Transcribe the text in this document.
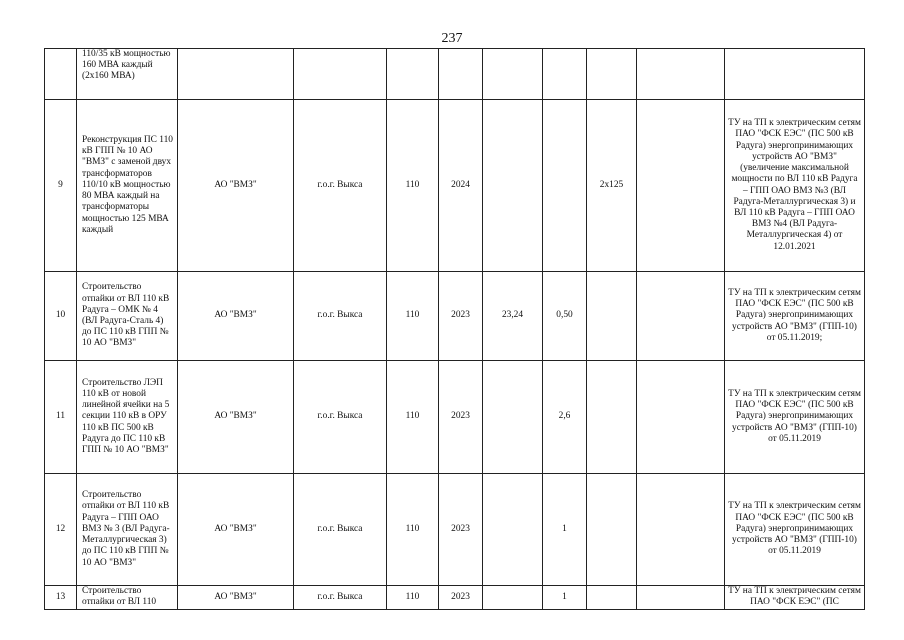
237
	110/35 кВ мощностью 160 МВА каждый (2х160 МВА)									
9	Реконструкция ПС 110 кВ ГПП № 10 АО "ВМЗ" с заменой двух трансформаторов 110/10 кВ мощностью 80 МВА каждый на трансформаторы мощностью 125 МВА каждый	АО "ВМЗ"	г.о.г. Выкса	110	2024			2х125		ТУ на ТП к электрическим сетям ПАО "ФСК ЕЭС" (ПС 500 кВ Радуга) энергопринимающих устройств АО "ВМЗ" (увеличение максимальной мощности по ВЛ 110 кВ Радуга – ГПП ОАО ВМЗ №3 (ВЛ Радуга-Металлургическая 3) и ВЛ 110 кВ Радуга – ГПП ОАО ВМЗ №4 (ВЛ Радуга-Металлургическая 4) от 12.01.2021
10	Строительство отпайки от ВЛ 110 кВ Радуга – ОМК № 4 (ВЛ Радуга-Сталь 4) до ПС 110 кВ ГПП № 10 АО "ВМЗ"	АО "ВМЗ"	г.о.г. Выкса	110	2023	23,24	0,50			ТУ на ТП к электрическим сетям ПАО "ФСК ЕЭС" (ПС 500 кВ Радуга) энергопринимающих устройств АО "ВМЗ" (ГПП-10) от 05.11.2019;
11	Строительство ЛЭП 110 кВ от новой линейной ячейки на 5 секции 110 кВ в ОРУ 110 кВ ПС 500 кВ Радуга до ПС 110 кВ ГПП № 10 АО "ВМЗ"	АО "ВМЗ"	г.о.г. Выкса	110	2023		2,6			ТУ на ТП к электрическим сетям ПАО "ФСК ЕЭС" (ПС 500 кВ Радуга) энергопринимающих устройств АО "ВМЗ" (ГПП-10) от 05.11.2019
12	Строительство отпайки от ВЛ 110 кВ Радуга – ГПП ОАО ВМЗ № 3 (ВЛ Радуга-Металлургическая 3) до ПС 110 кВ ГПП № 10 АО "ВМЗ"	АО "ВМЗ"	г.о.г. Выкса	110	2023		1			ТУ на ТП к электрическим сетям ПАО "ФСК ЕЭС" (ПС 500 кВ Радуга) энергопринимающих устройств АО "ВМЗ" (ГПП-10) от 05.11.2019
13	Строительство отпайки от ВЛ 110	АО "ВМЗ"	г.о.г. Выкса	110	2023		1			ТУ на ТП к электрическим сетям ПАО "ФСК ЕЭС" (ПС
